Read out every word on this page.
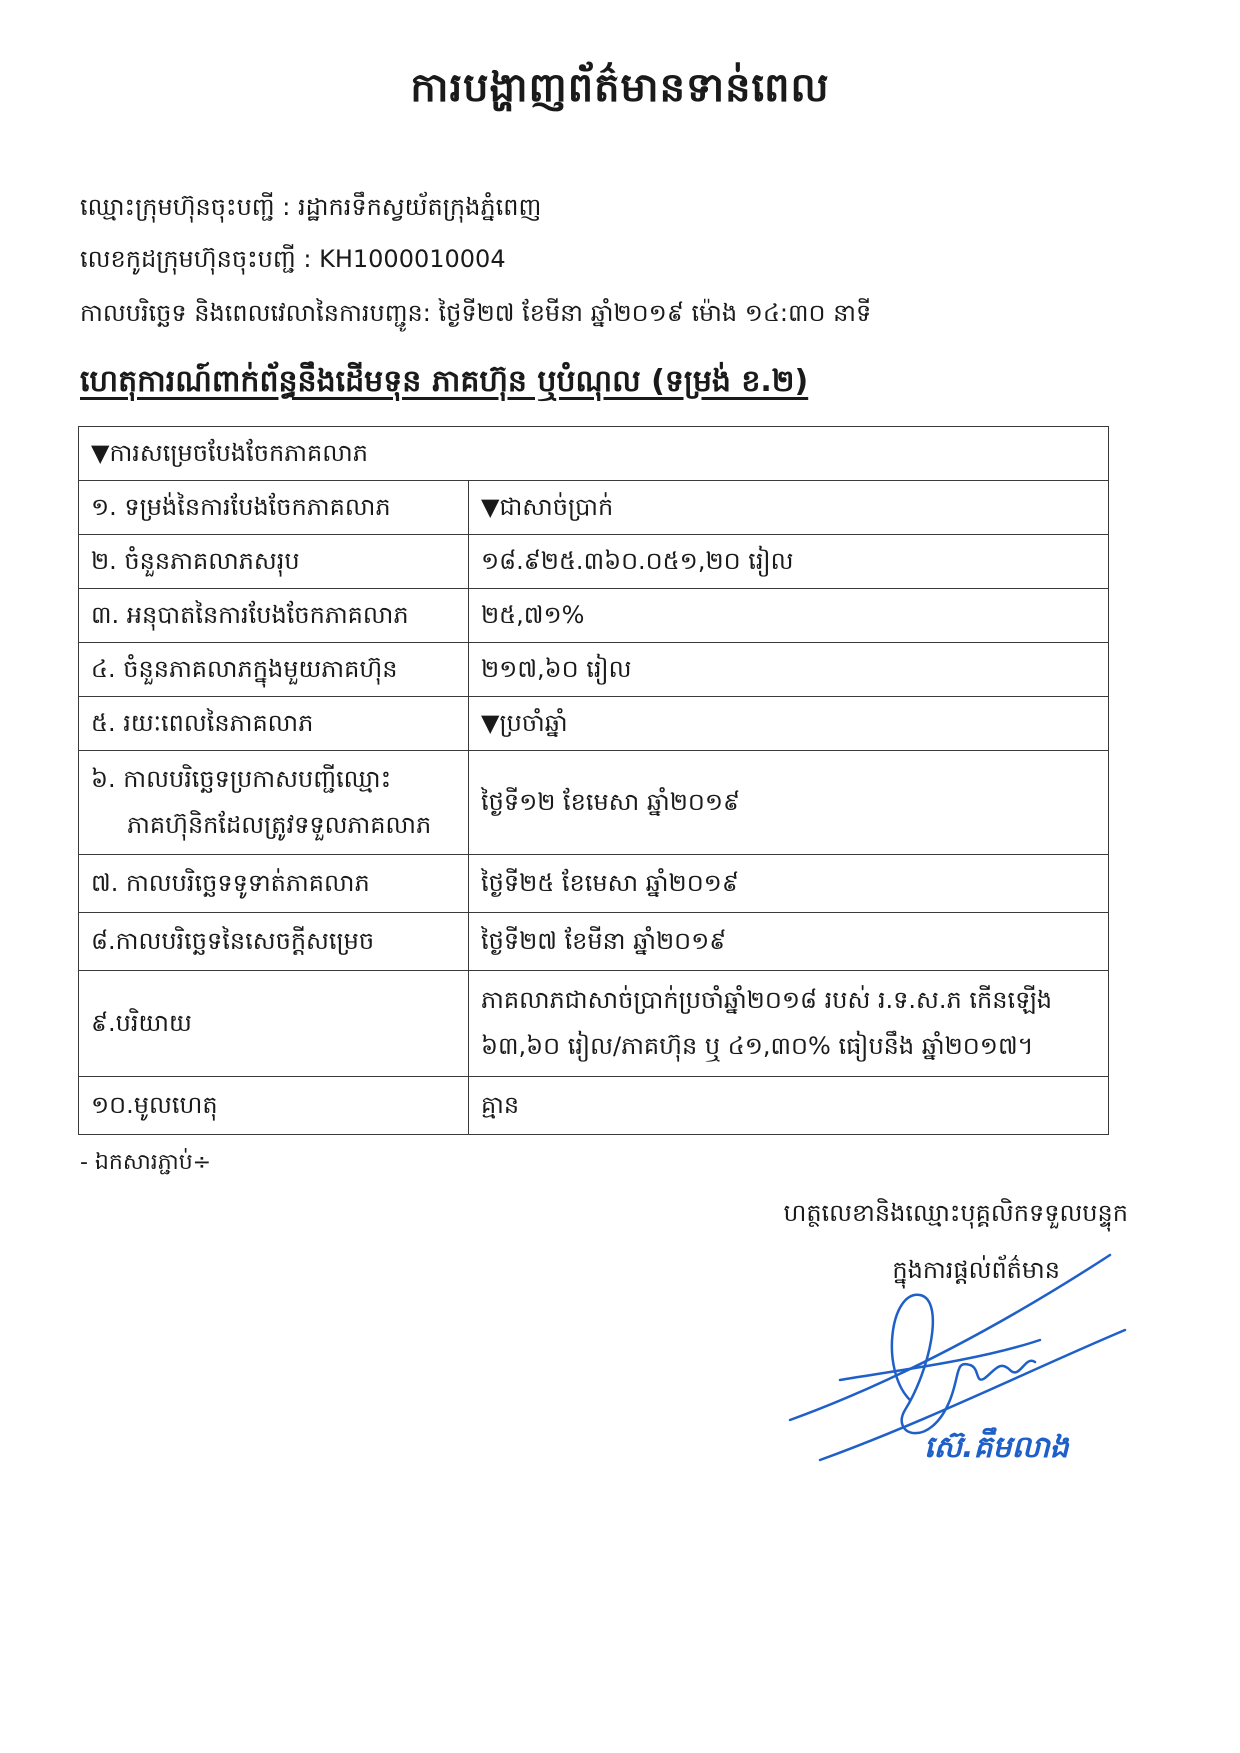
ការបង្ហាញព័ត៌មានទាន់ពេល
ឈ្មោះក្រុមហ៊ុនចុះបញ្ជី : រដ្ឋាករទឹកស្វយ័តក្រុងភ្នំពេញ
លេខកូដក្រុមហ៊ុនចុះបញ្ជី : KH1000010004
កាលបរិច្ឆេទ និងពេលវេលានៃការបញ្ជូន: ថ្ងៃទី២៧ ខែមីនា ឆ្នាំ២០១៩ ម៉ោង ១៤:៣០ នាទី
ហេតុការណ៍ពាក់ព័ន្ធនឹងដើមទុន ភាគហ៊ុន ឬបំណុល (ទម្រង់ ខ.២)
▼ការសម្រេចបែងចែកភាគលាភ	
១. ទម្រង់នៃការបែងចែកភាគលាភ	▼ជាសាច់ប្រាក់
២. ចំនួនភាគលាភសរុប	១៨.៩២៥.៣៦០.០៥១,២០ រៀល
៣. អនុបាតនៃការបែងចែកភាគលាភ	២៥,៧១%
៤. ចំនួនភាគលាភក្នុងមួយភាគហ៊ុន	២១៧,៦០ រៀល
៥. រយៈពេលនៃភាគលាភ	▼ប្រចាំឆ្នាំ

៦. កាលបរិច្ឆេទប្រកាសបញ្ជីឈ្មោះ
ភាគហ៊ុនិកដែលត្រូវទទួលភាគលាភ	ថ្ងៃទី១២ ខែមេសា ឆ្នាំ២០១៩
៧. កាលបរិច្ឆេទទូទាត់ភាគលាភ	ថ្ងៃទី២៥ ខែមេសា ឆ្នាំ២០១៩
៨.កាលបរិច្ឆេទនៃសេចក្ដីសម្រេច	ថ្ងៃទី២៧ ខែមីនា ឆ្នាំ២០១៩
៩.បរិយាយ	ភាគលាភជាសាច់ប្រាក់ប្រចាំឆ្នាំ២០១៨ របស់ រ.ទ.ស.ភ កើនឡើង
៦៣,៦០ រៀល/ភាគហ៊ុន ឬ ៤១,៣០% ធៀបនឹង ឆ្នាំ២០១៧។

១០.មូលហេតុ	គ្មាន
- ឯកសារភ្ជាប់÷
ហត្ថលេខានិងឈ្មោះបុគ្គលិកទទួលបន្ទុក
ក្នុងការផ្ដល់ព័ត៌មាន
ស៊េ.គឹមលាង
